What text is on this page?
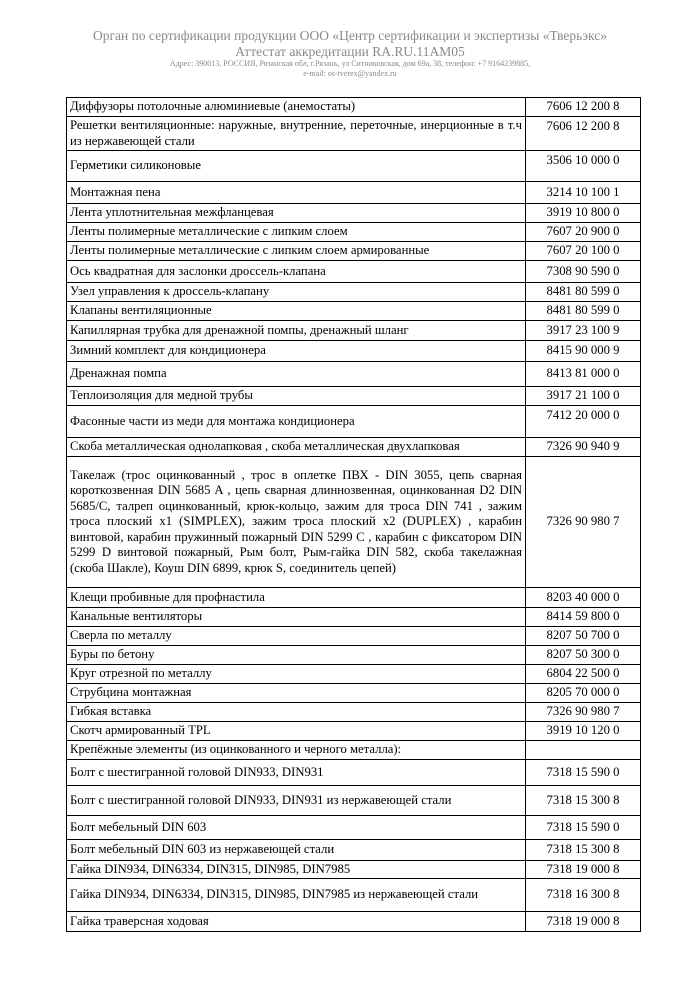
Орган по сертификации продукции ООО «Центр сертификации и экспертизы «Тверьэкс»
Аттестат аккредитации RA.RU.11AM05
Адрес: 390013, РОССИЯ, Рязанская обл, г.Рязань, ул Ситниковская, дом 69а, 38, телефон: +7 9164239885,
e-mail: os-tverex@yandex.ru
Диффузоры потолочные алюминиевые (анемостаты)	7606 12 200 8
Решетки вентиляционные: наружные, внутренние, переточные, инерционные в т.ч из нержавеющей стали	7606 12 200 8
Герметики силиконовые	3506 10 000 0
Монтажная пена	3214 10 100 1
Лента уплотнительная межфланцевая	3919 10 800 0
Ленты полимерные металлические с липким слоем	7607 20 900 0
Ленты полимерные металлические с липким слоем армированные	7607 20 100 0
Ось квадратная для заслонки дроссель-клапана	7308 90 590 0
Узел управления к дроссель-клапану	8481 80 599 0
Клапаны вентиляционные	8481 80 599 0
Капиллярная трубка для дренажной помпы, дренажный шланг	3917 23 100 9
Зимний комплект для кондиционера	8415 90 000 9
Дренажная помпа	8413 81 000 0
Теплоизоляция для медной трубы	3917 21 100 0
Фасонные части из меди для монтажа кондиционера	7412 20 000 0
Скоба металлическая однолапковая , скоба металлическая двухлапковая	7326 90 940 9
Такелаж (трос оцинкованный , трос в оплетке ПВХ - DIN 3055, цепь сварная короткозвенная DIN 5685 A , цепь сварная длиннозвенная, оцинкованная D2 DIN 5685/C, талреп оцинкованный, крюк-кольцо, зажим для троса DIN 741 , зажим троса плоский x1 (SIMPLEX), зажим троса плоский x2 (DUPLEX) , карабин винтовой, карабин пружинный пожарный DIN 5299 C , карабин с фиксатором DIN 5299 D винтовой пожарный, Рым болт, Рым-гайка DIN 582, скоба такелажная (скоба Шакле), Коуш DIN 6899, крюк S, соединитель цепей)	7326 90 980 7
Клещи пробивные для профнастила	8203 40 000 0
Канальные вентиляторы	8414 59 800 0
Сверла по металлу	8207 50 700 0
Буры по бетону	8207 50 300 0
Круг отрезной по металлу	6804 22 500 0
Струбцина монтажная	8205 70 000 0
Гибкая вставка	7326 90 980 7
Скотч армированный TPL	3919 10 120 0
Крепёжные элементы (из оцинкованного и черного металла):	
Болт с шестигранной головой DIN933, DIN931	7318 15 590 0
Болт с шестигранной головой DIN933, DIN931 из нержавеющей стали	7318 15 300 8
Болт мебельный DIN 603	7318 15 590 0
Болт мебельный DIN 603 из нержавеющей стали	7318 15 300 8
Гайка DIN934, DIN6334, DIN315, DIN985, DIN7985	7318 19 000 8
Гайка DIN934, DIN6334, DIN315, DIN985, DIN7985 из нержавеющей стали	7318 16 300 8
Гайка траверсная ходовая	7318 19 000 8
